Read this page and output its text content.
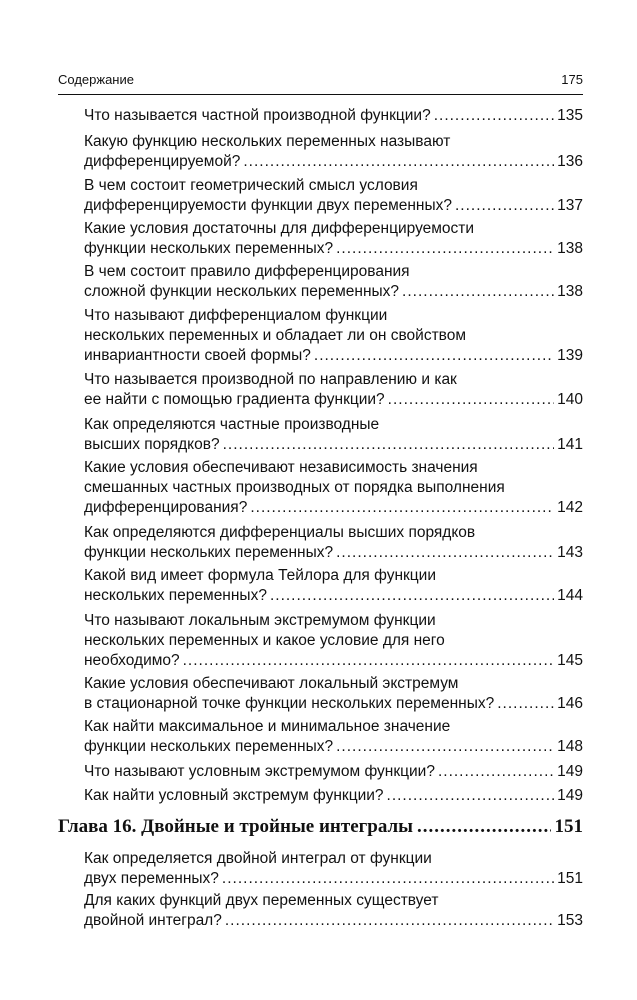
Содержание	175
Что называется частной производной функции? .....	135
Какую функцию нескольких переменных называют
дифференцируемой? .....	136
В чем состоит геометрический смысл условия
дифференцируемости функции двух переменных? .....	137
Какие условия достаточны для дифференцируемости
функции нескольких переменных? .....	138
В чем состоит правило дифференцирования
сложной функции нескольких переменных? .....	138
Что называют дифференциалом функции
нескольких переменных и обладает ли он свойством
инвариантности своей формы? .....	139
Что называется производной по направлению и как
ее найти с помощью градиента функции? .....	140
Как определяются частные производные
высших порядков? .....	141
Какие условия обеспечивают независимость значения
смешанных частных производных от порядка выполнения
дифференцирования? .....	142
Как определяются дифференциалы высших порядков
функции нескольких переменных? .....	143
Какой вид имеет формула Тейлора для функции
нескольких переменных? .....	144
Что называют локальным экстремумом функции
нескольких переменных и какое условие для него
необходимо? .....	145
Какие условия обеспечивают локальный экстремум
в стационарной точке функции нескольких переменных? .....	146
Как найти максимальное и минимальное значение
функции нескольких переменных? .....	148
Что называют условным экстремумом функции? .....	149
Как найти условный экстремум функции? .....	149
Глава 16. Двойные и тройные интегралы .....	151
Как определяется двойной интеграл от функции
двух переменных? .....	151
Для каких функций двух переменных существует
двойной интеграл? .....	153
